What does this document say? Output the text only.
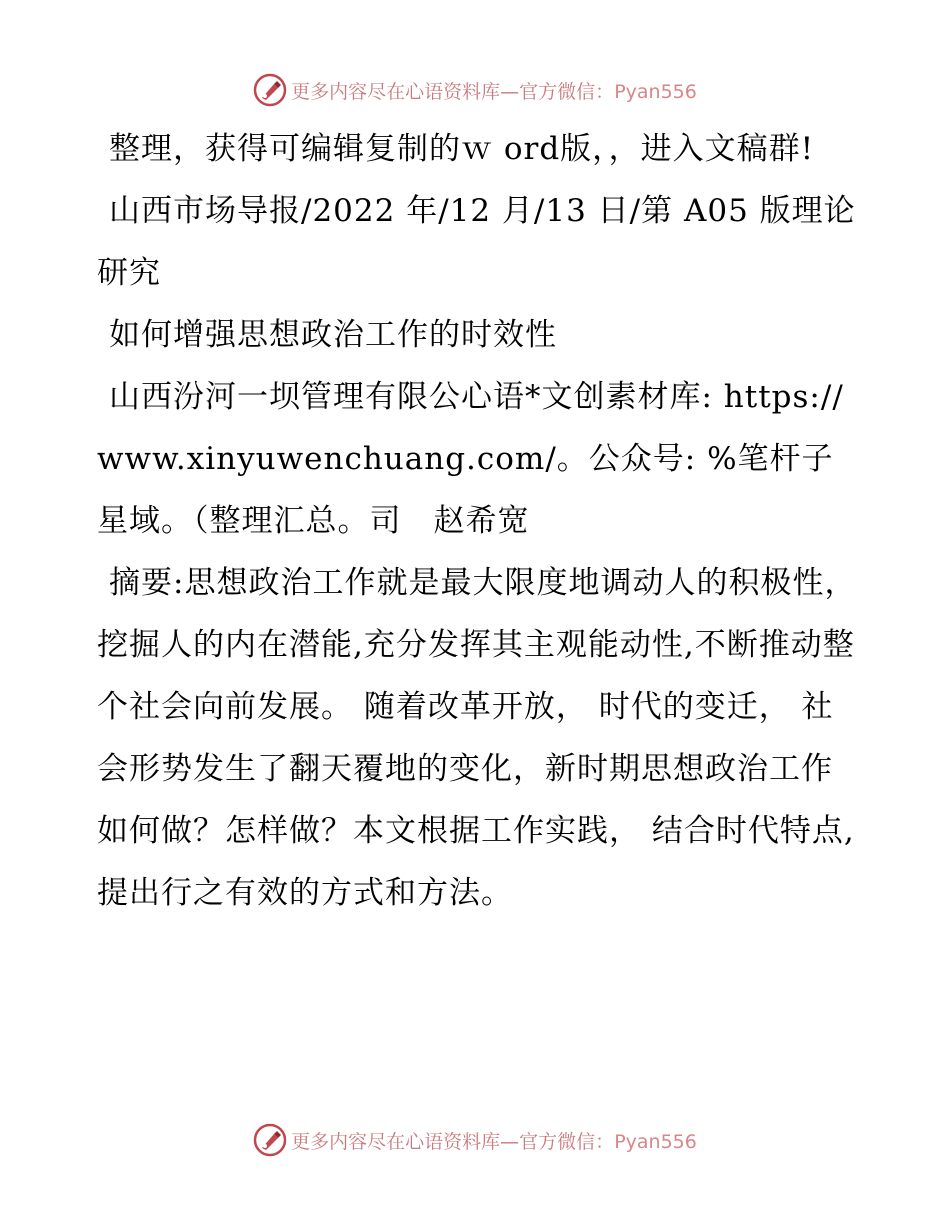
更多内容尽在心语资料库—官方微信：Pyan556

整理，获得可编辑复制的ｗ ord版，，进入文稿群!

山西市场导报/2022 年/12 月/13 日/第 A05 版理论研究

如何增强思想政治工作的时效性

山西汾河一坝管理有限公心语*文创素材库: https://www.xinyuwenchuang.com/。公众号: %笔杆子星域。（整理汇总。司　赵希宽

摘要:思想政治工作就是最大限度地调动人的积极性，挖掘人的内在潜能,充分发挥其主观能动性,不断推动整个社会向前发展。 随着改革开放， 时代的变迁， 社会形势发生了翻天覆地的变化，新时期思想政治工作如何做？怎样做？本文根据工作实践， 结合时代特点,提出行之有效的方式和方法。

更多内容尽在心语资料库—官方微信：Pyan556
